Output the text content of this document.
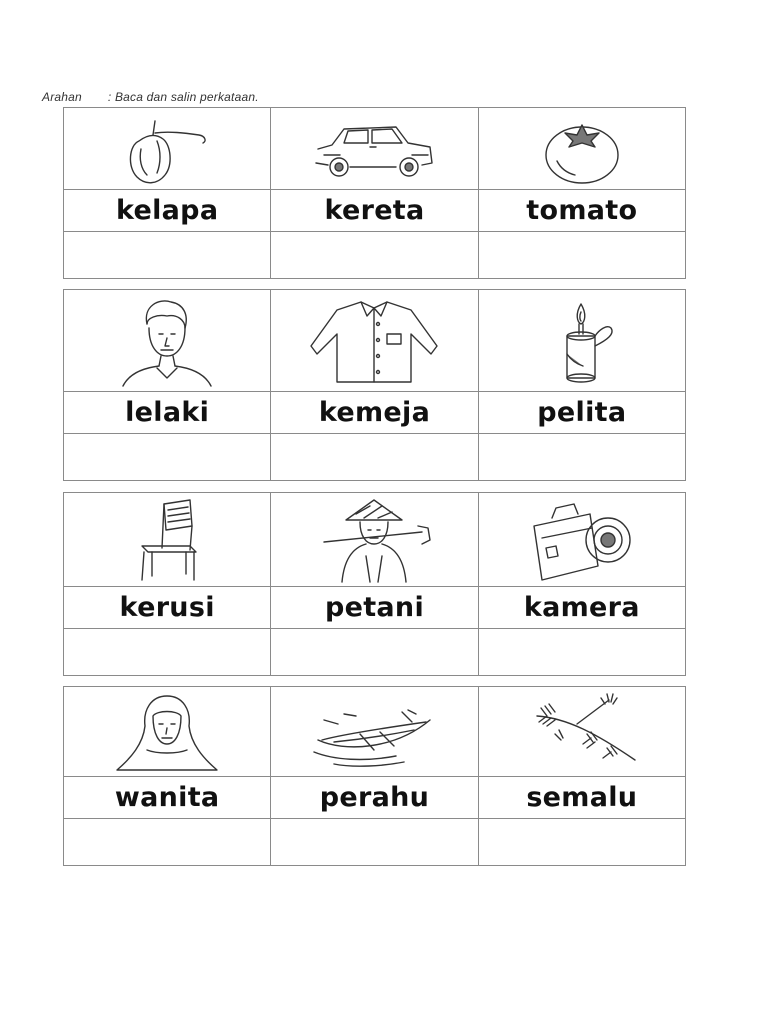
Arahan : Baca dan salin perkataan.
kelapa	kereta	tomato
lelaki	kemeja	pelita
kerusi	petani	kamera
wanita	perahu	semalu
